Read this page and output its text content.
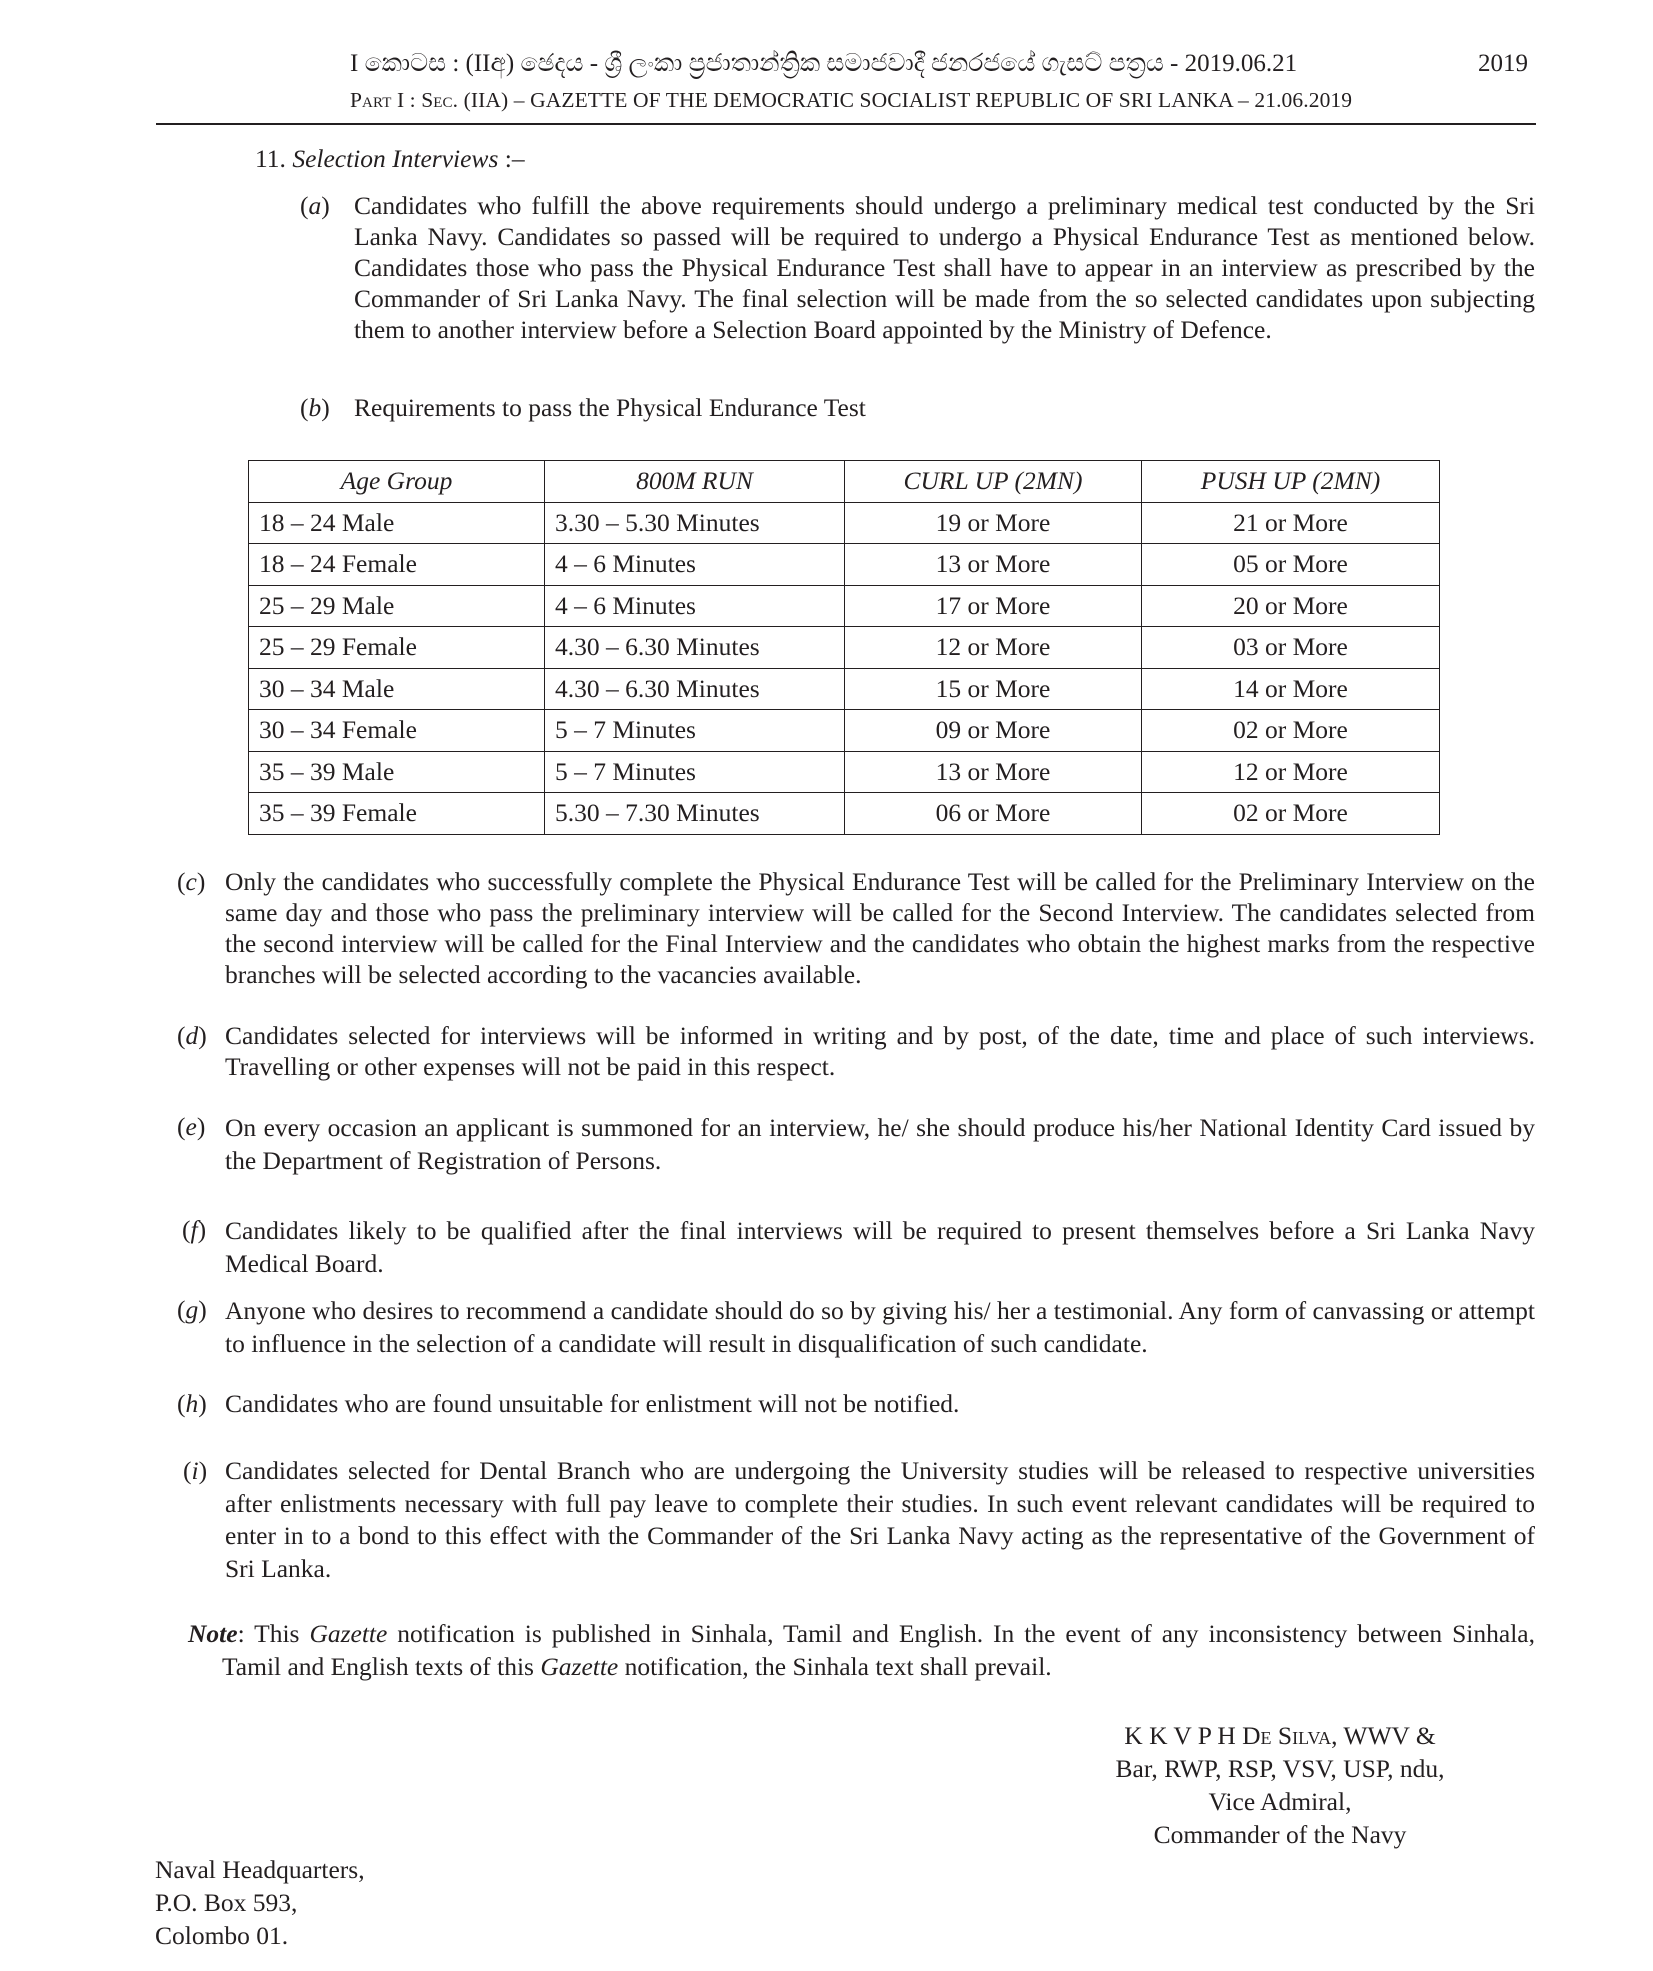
I කොටස : (IIඅ) ඡෙදය - ශ්‍රී ලංකා ප්‍රජාතාන්ත්‍රික සමාජවාදී ජනරජයේ ගැසට් පත්‍රය - 2019.06.21	2019
Part I : Sec. (IIA) – GAZETTE OF THE DEMOCRATIC SOCIALIST REPUBLIC OF SRI LANKA – 21.06.2019
11. Selection Interviews :–
(a) Candidates who fulfill the above requirements should undergo a preliminary medical test conducted by the Sri Lanka Navy. Candidates so passed will be required to undergo a Physical Endurance Test as mentioned below. Candidates those who pass the Physical Endurance Test shall have to appear in an interview as prescribed by the Commander of Sri Lanka Navy. The final selection will be made from the so selected candidates upon subjecting them to another interview before a Selection Board appointed by the Ministry of Defence.
(b) Requirements to pass the Physical Endurance Test
Age Group	800M RUN	CURL UP (2MN)	PUSH UP (2MN)
18 – 24 Male	3.30 – 5.30 Minutes	19 or More	21 or More
18 – 24 Female	4 – 6 Minutes	13 or More	05 or More
25 – 29 Male	4 – 6 Minutes	17 or More	20 or More
25 – 29 Female	4.30 – 6.30 Minutes	12 or More	03 or More
30 – 34 Male	4.30 – 6.30 Minutes	15 or More	14 or More
30 – 34 Female	5 – 7 Minutes	09 or More	02 or More
35 – 39 Male	5 – 7 Minutes	13 or More	12 or More
35 – 39 Female	5.30 – 7.30 Minutes	06 or More	02 or More
(c) Only the candidates who successfully complete the Physical Endurance Test will be called for the Preliminary Interview on the same day and those who pass the preliminary interview will be called for the Second Interview. The candidates selected from the second interview will be called for the Final Interview and the candidates who obtain the highest marks from the respective branches will be selected according to the vacancies available.
(d) Candidates selected for interviews will be informed in writing and by post, of the date, time and place of such interviews. Travelling or other expenses will not be paid in this respect.
(e) On every occasion an applicant is summoned for an interview, he/ she should produce his/her National Identity Card issued by the Department of Registration of Persons.
(f) Candidates likely to be qualified after the final interviews will be required to present themselves before a Sri Lanka Navy Medical Board.
(g) Anyone who desires to recommend a candidate should do so by giving his/ her a testimonial. Any form of canvassing or attempt to influence in the selection of a candidate will result in disqualification of such candidate.
(h) Candidates who are found unsuitable for enlistment will not be notified.
(i) Candidates selected for Dental Branch who are undergoing the University studies will be released to respective universities after enlistments necessary with full pay leave to complete their studies. In such event relevant candidates will be required to enter in to a bond to this effect with the Commander of the Sri Lanka Navy acting as the representative of the Government of Sri Lanka.
Note: This Gazette notification is published in Sinhala, Tamil and English. In the event of any inconsistency between Sinhala, Tamil and English texts of this Gazette notification, the Sinhala text shall prevail.
K K V P H De Silva, WWV &
Bar, RWP, RSP, VSV, USP, ndu,
Vice Admiral,
Commander of the Navy
Naval Headquarters,
P.O. Box 593,
Colombo 01.
